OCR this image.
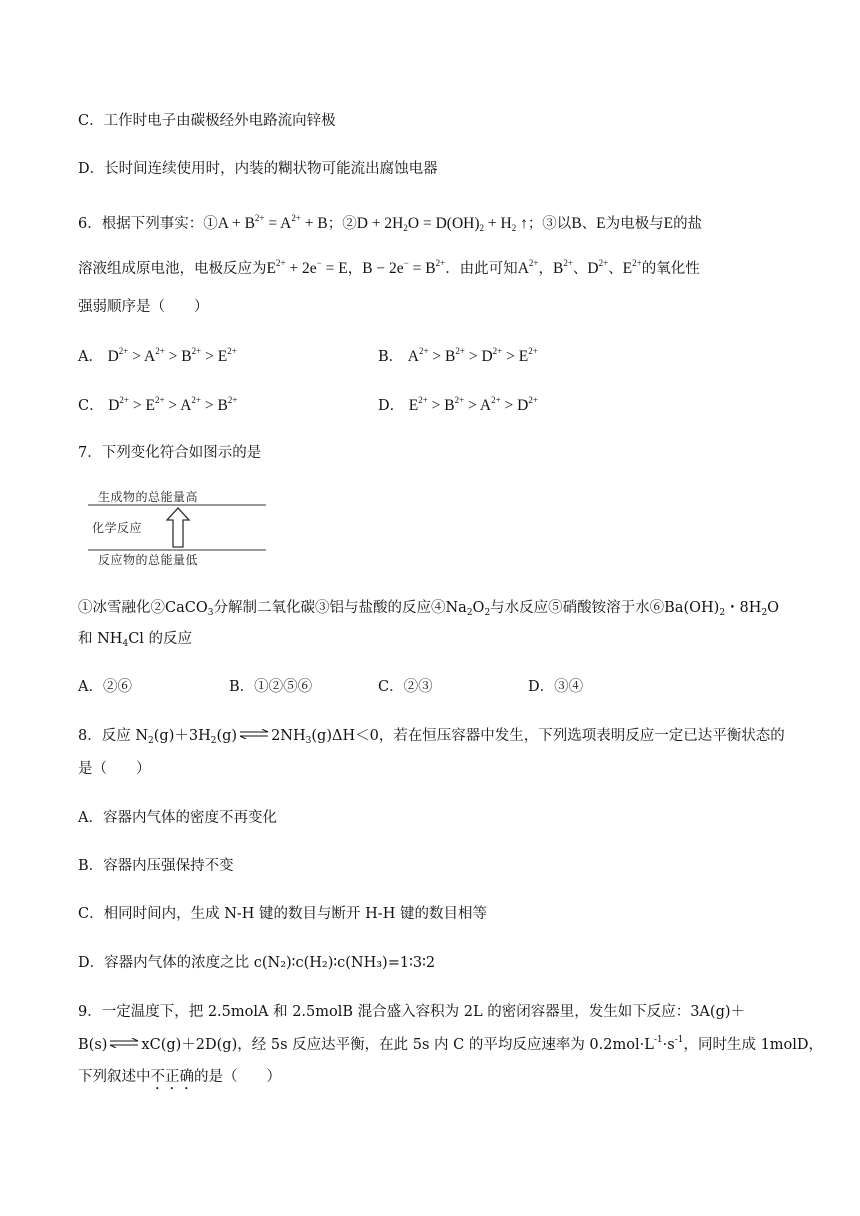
C．工作时电子由碳极经外电路流向锌极
D．长时间连续使用时，内装的糊状物可能流出腐蚀电器
6．根据下列事实：①A + $B^{2+} = A^{2+} + B$；②D + $2H_2O = D(OH)_2 + H_2$ ↑；③以B、E为电极与E的盐
溶液组成原电池，电极反应为$E^{2+} + 2e^- = E$，$B - 2e^- = B^{2+}$．由此可知$A^{2+}$，$B^{2+}$、$D^{2+}$、$E^{2+}$的氧化性
强弱顺序是（　　）
A． $D^{2+} > A^{2+} > B^{2+} > E^{2+}$	B． $A^{2+} > B^{2+} > D^{2+} > E^{2+}$
C． $D^{2+} > E^{2+} > A^{2+} > B^{2+}$	D． $E^{2+} > B^{2+} > A^{2+} > D^{2+}$
7．下列变化符合如图示的是
生成物的总能量高
化学反应
反应物的总能量低
①冰雪融化②CaCO$_3$分解制二氧化碳③铝与盐酸的反应$④Na_2O_2$与水反应⑤硝酸铵溶于水$⑥Ba(OH)_2$・$8H_2O$
和 $NH_4Cl$ 的反应
A．②⑥	B．①②⑤⑥	C．②③	D．③④
8．反应 $N_2(g)+3H_2(g)$ ⇌ $2NH_3(g)\Delta H<0$，若在恒压容器中发生，下列选项表明反应一定已达平衡状态的
是（　　）
A．容器内气体的密度不再变化
B．容器内压强保持不变
C．相同时间内，生成 N-H 键的数目与断开 H-H 键的数目相等
D．容器内气体的浓度之比 c(N₂)∶c(H₂)∶c(NH₃)=1∶3∶2
9．一定温度下，把 2.5molA 和 2.5molB 混合盛入容积为 2L 的密闭容器里，发生如下反应：3A(g)＋
B(s) ⇌ xC(g)＋2D(g)，经 5s 反应达平衡，在此 5s 内 C 的平均反应速率为 $0.2mol\cdot L^{-1}\cdot s^{-1}$，同时生成 1molD，
下列叙述中不正确的是（　　）
